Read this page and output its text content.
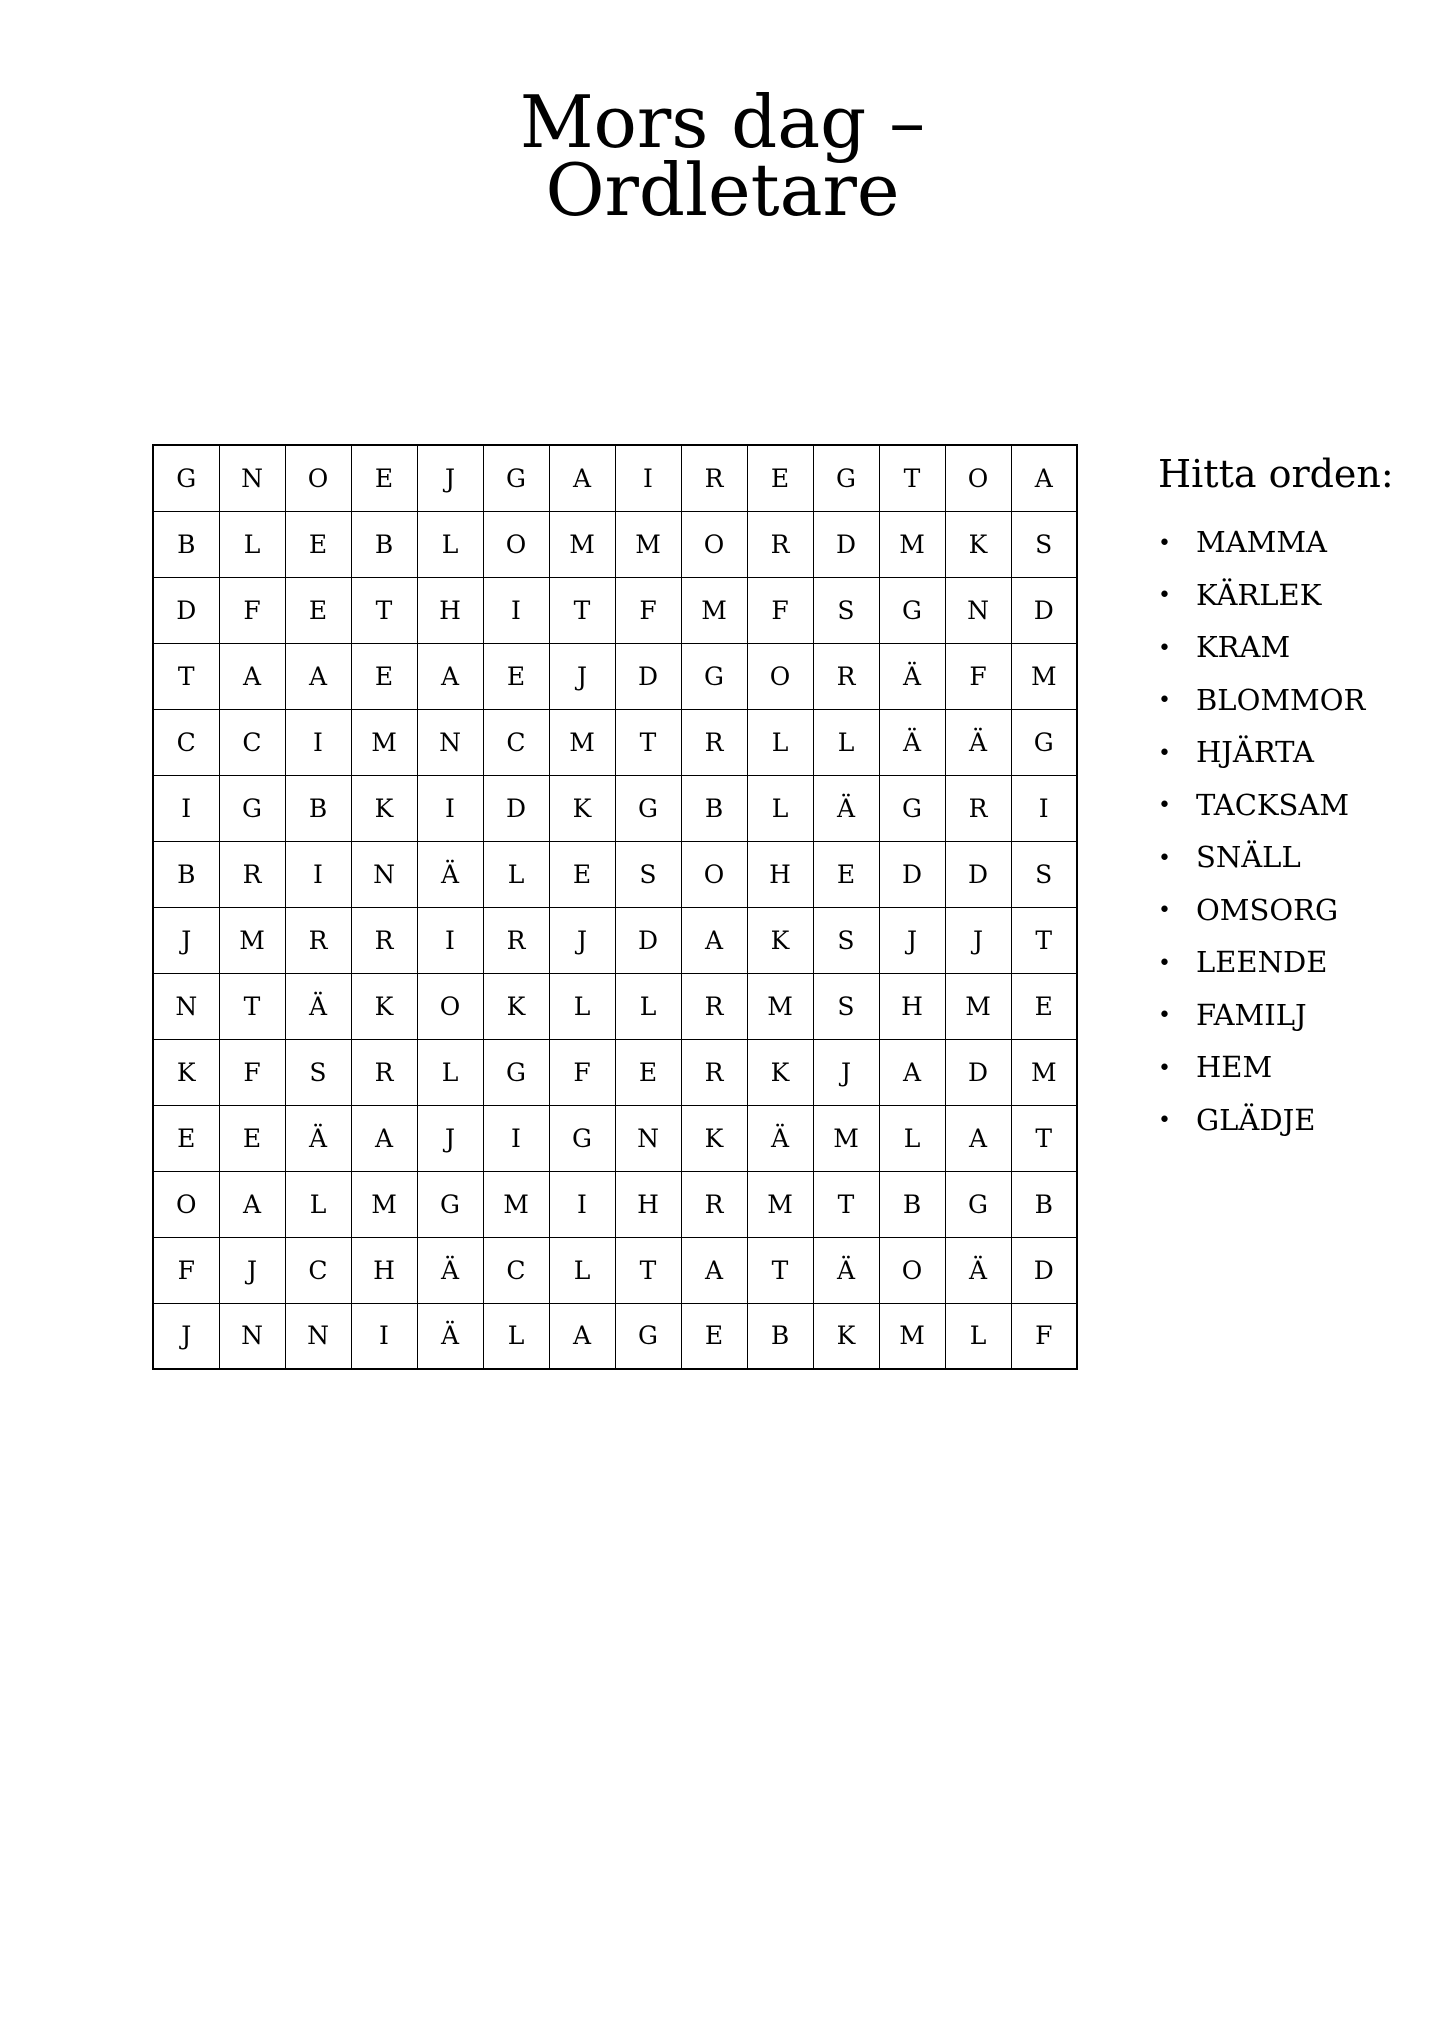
Mors dag –
Ordletare
G	N	O	E	J	G	A	I	R	E	G	T	O	A
B	L	E	B	L	O	M	M	O	R	D	M	K	S
D	F	E	T	H	I	T	F	M	F	S	G	N	D
T	A	A	E	A	E	J	D	G	O	R	Ä	F	M
C	C	I	M	N	C	M	T	R	L	L	Ä	Ä	G
I	G	B	K	I	D	K	G	B	L	Ä	G	R	I
B	R	I	N	Ä	L	E	S	O	H	E	D	D	S
J	M	R	R	I	R	J	D	A	K	S	J	J	T
N	T	Ä	K	O	K	L	L	R	M	S	H	M	E
K	F	S	R	L	G	F	E	R	K	J	A	D	M
E	E	Ä	A	J	I	G	N	K	Ä	M	L	A	T
O	A	L	M	G	M	I	H	R	M	T	B	G	B
F	J	C	H	Ä	C	L	T	A	T	Ä	O	Ä	D
J	N	N	I	Ä	L	A	G	E	B	K	M	L	F
Hitta orden:
• MAMMA
• KÄRLEK
• KRAM
• BLOMMOR
• HJÄRTA
• TACKSAM
• SNÄLL
• OMSORG
• LEENDE
• FAMILJ
• HEM
• GLÄDJE
